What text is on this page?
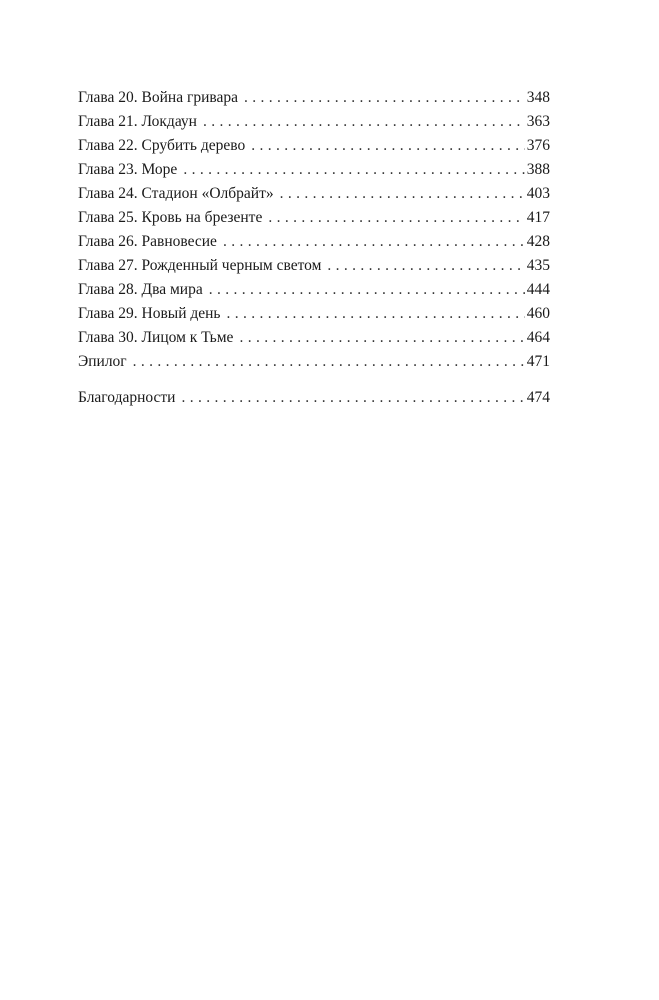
Глава 20. Война гривара . . .	348
Глава 21. Локдаун . . .	363
Глава 22. Срубить дерево . . .	376
Глава 23. Море . . .	388
Глава 24. Стадион «Олбрайт» . . .	403
Глава 25. Кровь на брезенте . . .	417
Глава 26. Равновесие . . .	428
Глава 27. Рожденный черным светом . . .	435
Глава 28. Два мира . . .	444
Глава 29. Новый день . . .	460
Глава 30. Лицом к Тьме . . .	464
Эпилог . . .	471
Благодарности . . .	474
